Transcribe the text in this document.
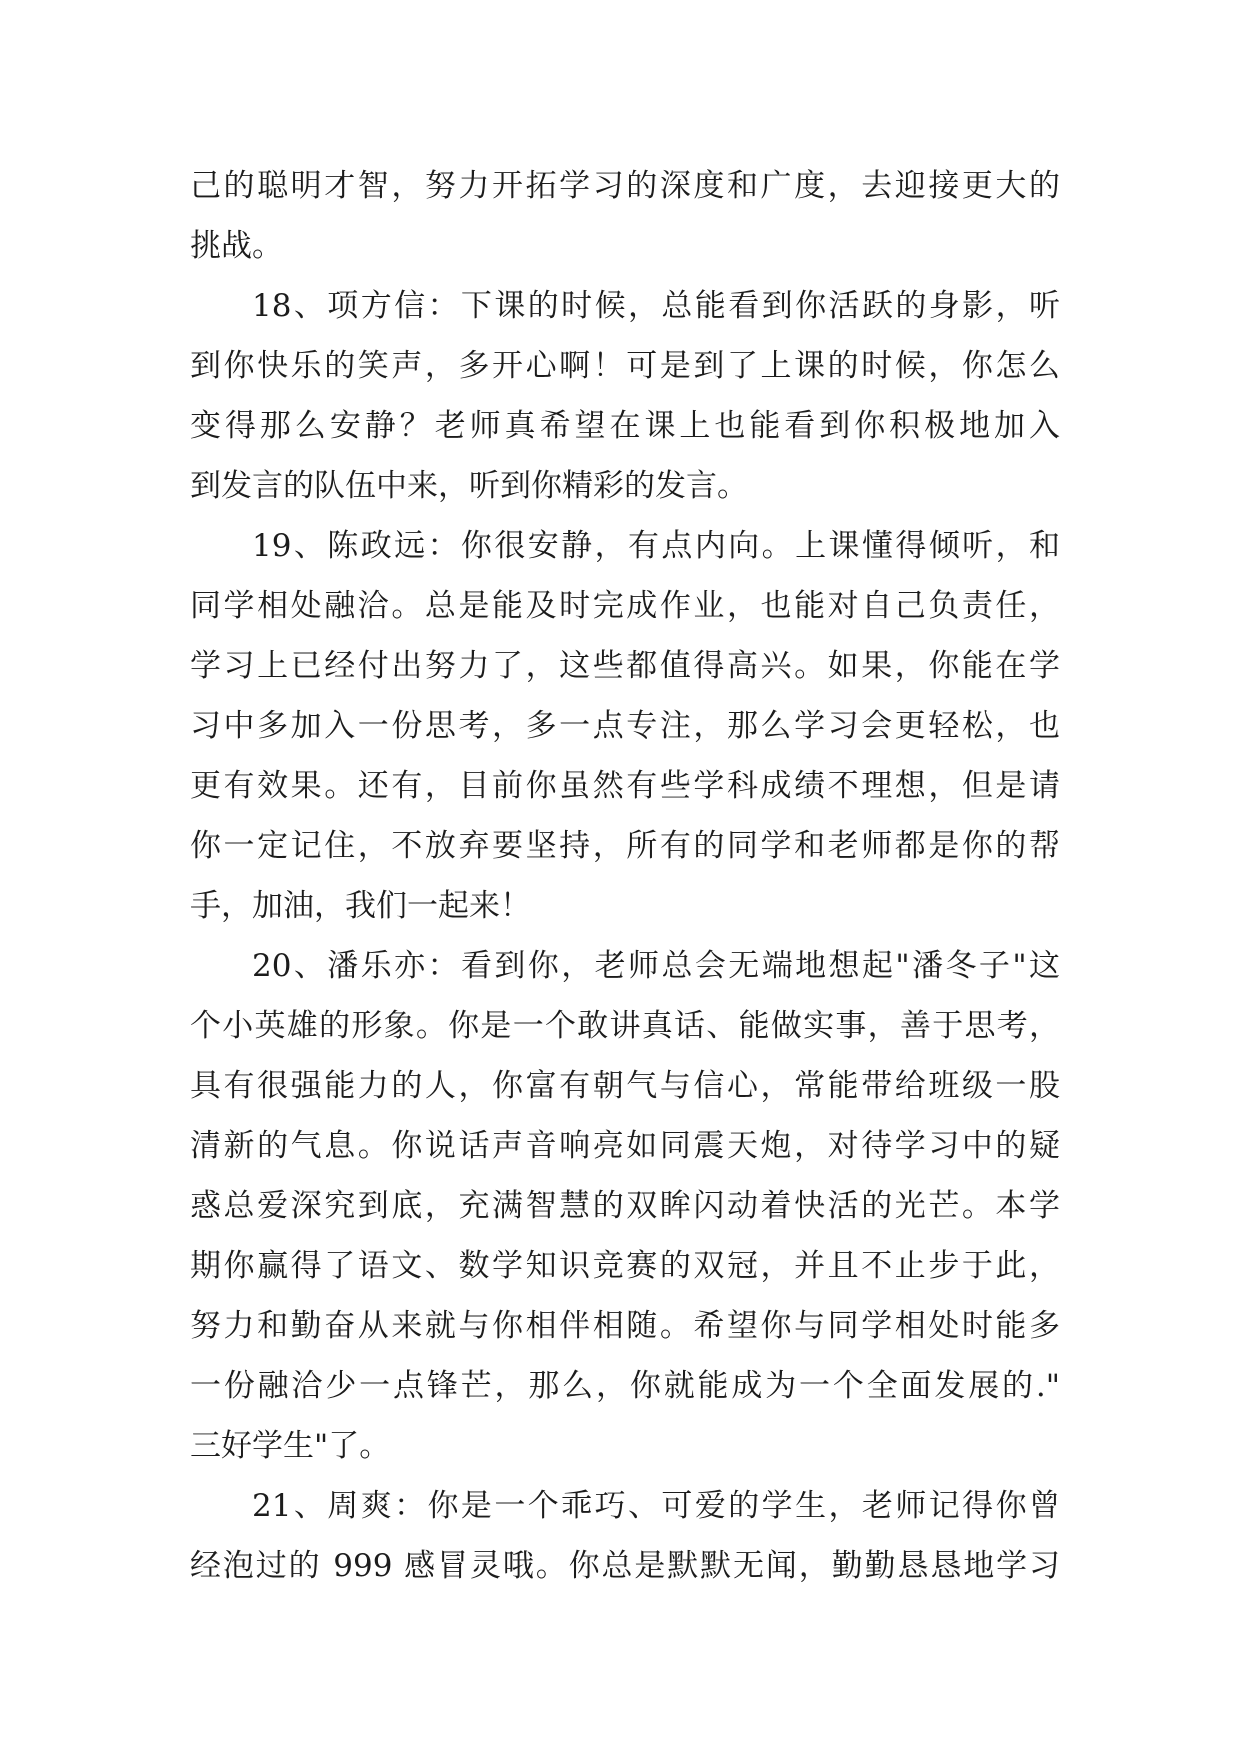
己的聪明才智，努力开拓学习的深度和广度，去迎接更大的
挑战。
18、项方信：下课的时候，总能看到你活跃的身影，听
到你快乐的笑声，多开心啊！可是到了上课的时候，你怎么
变得那么安静？老师真希望在课上也能看到你积极地加入
到发言的队伍中来，听到你精彩的发言。
19、陈政远：你很安静，有点内向。上课懂得倾听，和
同学相处融洽。总是能及时完成作业，也能对自己负责任，
学习上已经付出努力了，这些都值得高兴。如果，你能在学
习中多加入一份思考，多一点专注，那么学习会更轻松，也
更有效果。还有，目前你虽然有些学科成绩不理想，但是请
你一定记住，不放弃要坚持，所有的同学和老师都是你的帮
手，加油，我们一起来！
20、潘乐亦：看到你，老师总会无端地想起"潘冬子"这
个小英雄的形象。你是一个敢讲真话、能做实事，善于思考，
具有很强能力的人，你富有朝气与信心，常能带给班级一股
清新的气息。你说话声音响亮如同震天炮，对待学习中的疑
惑总爱深究到底，充满智慧的双眸闪动着快活的光芒。本学
期你赢得了语文、数学知识竞赛的双冠，并且不止步于此，
努力和勤奋从来就与你相伴相随。希望你与同学相处时能多
一份融洽少一点锋芒，那么，你就能成为一个全面发展的."
三好学生"了。
21、周爽：你是一个乖巧、可爱的学生，老师记得你曾
经泡过的 999 感冒灵哦。你总是默默无闻，勤勤恳恳地学习
